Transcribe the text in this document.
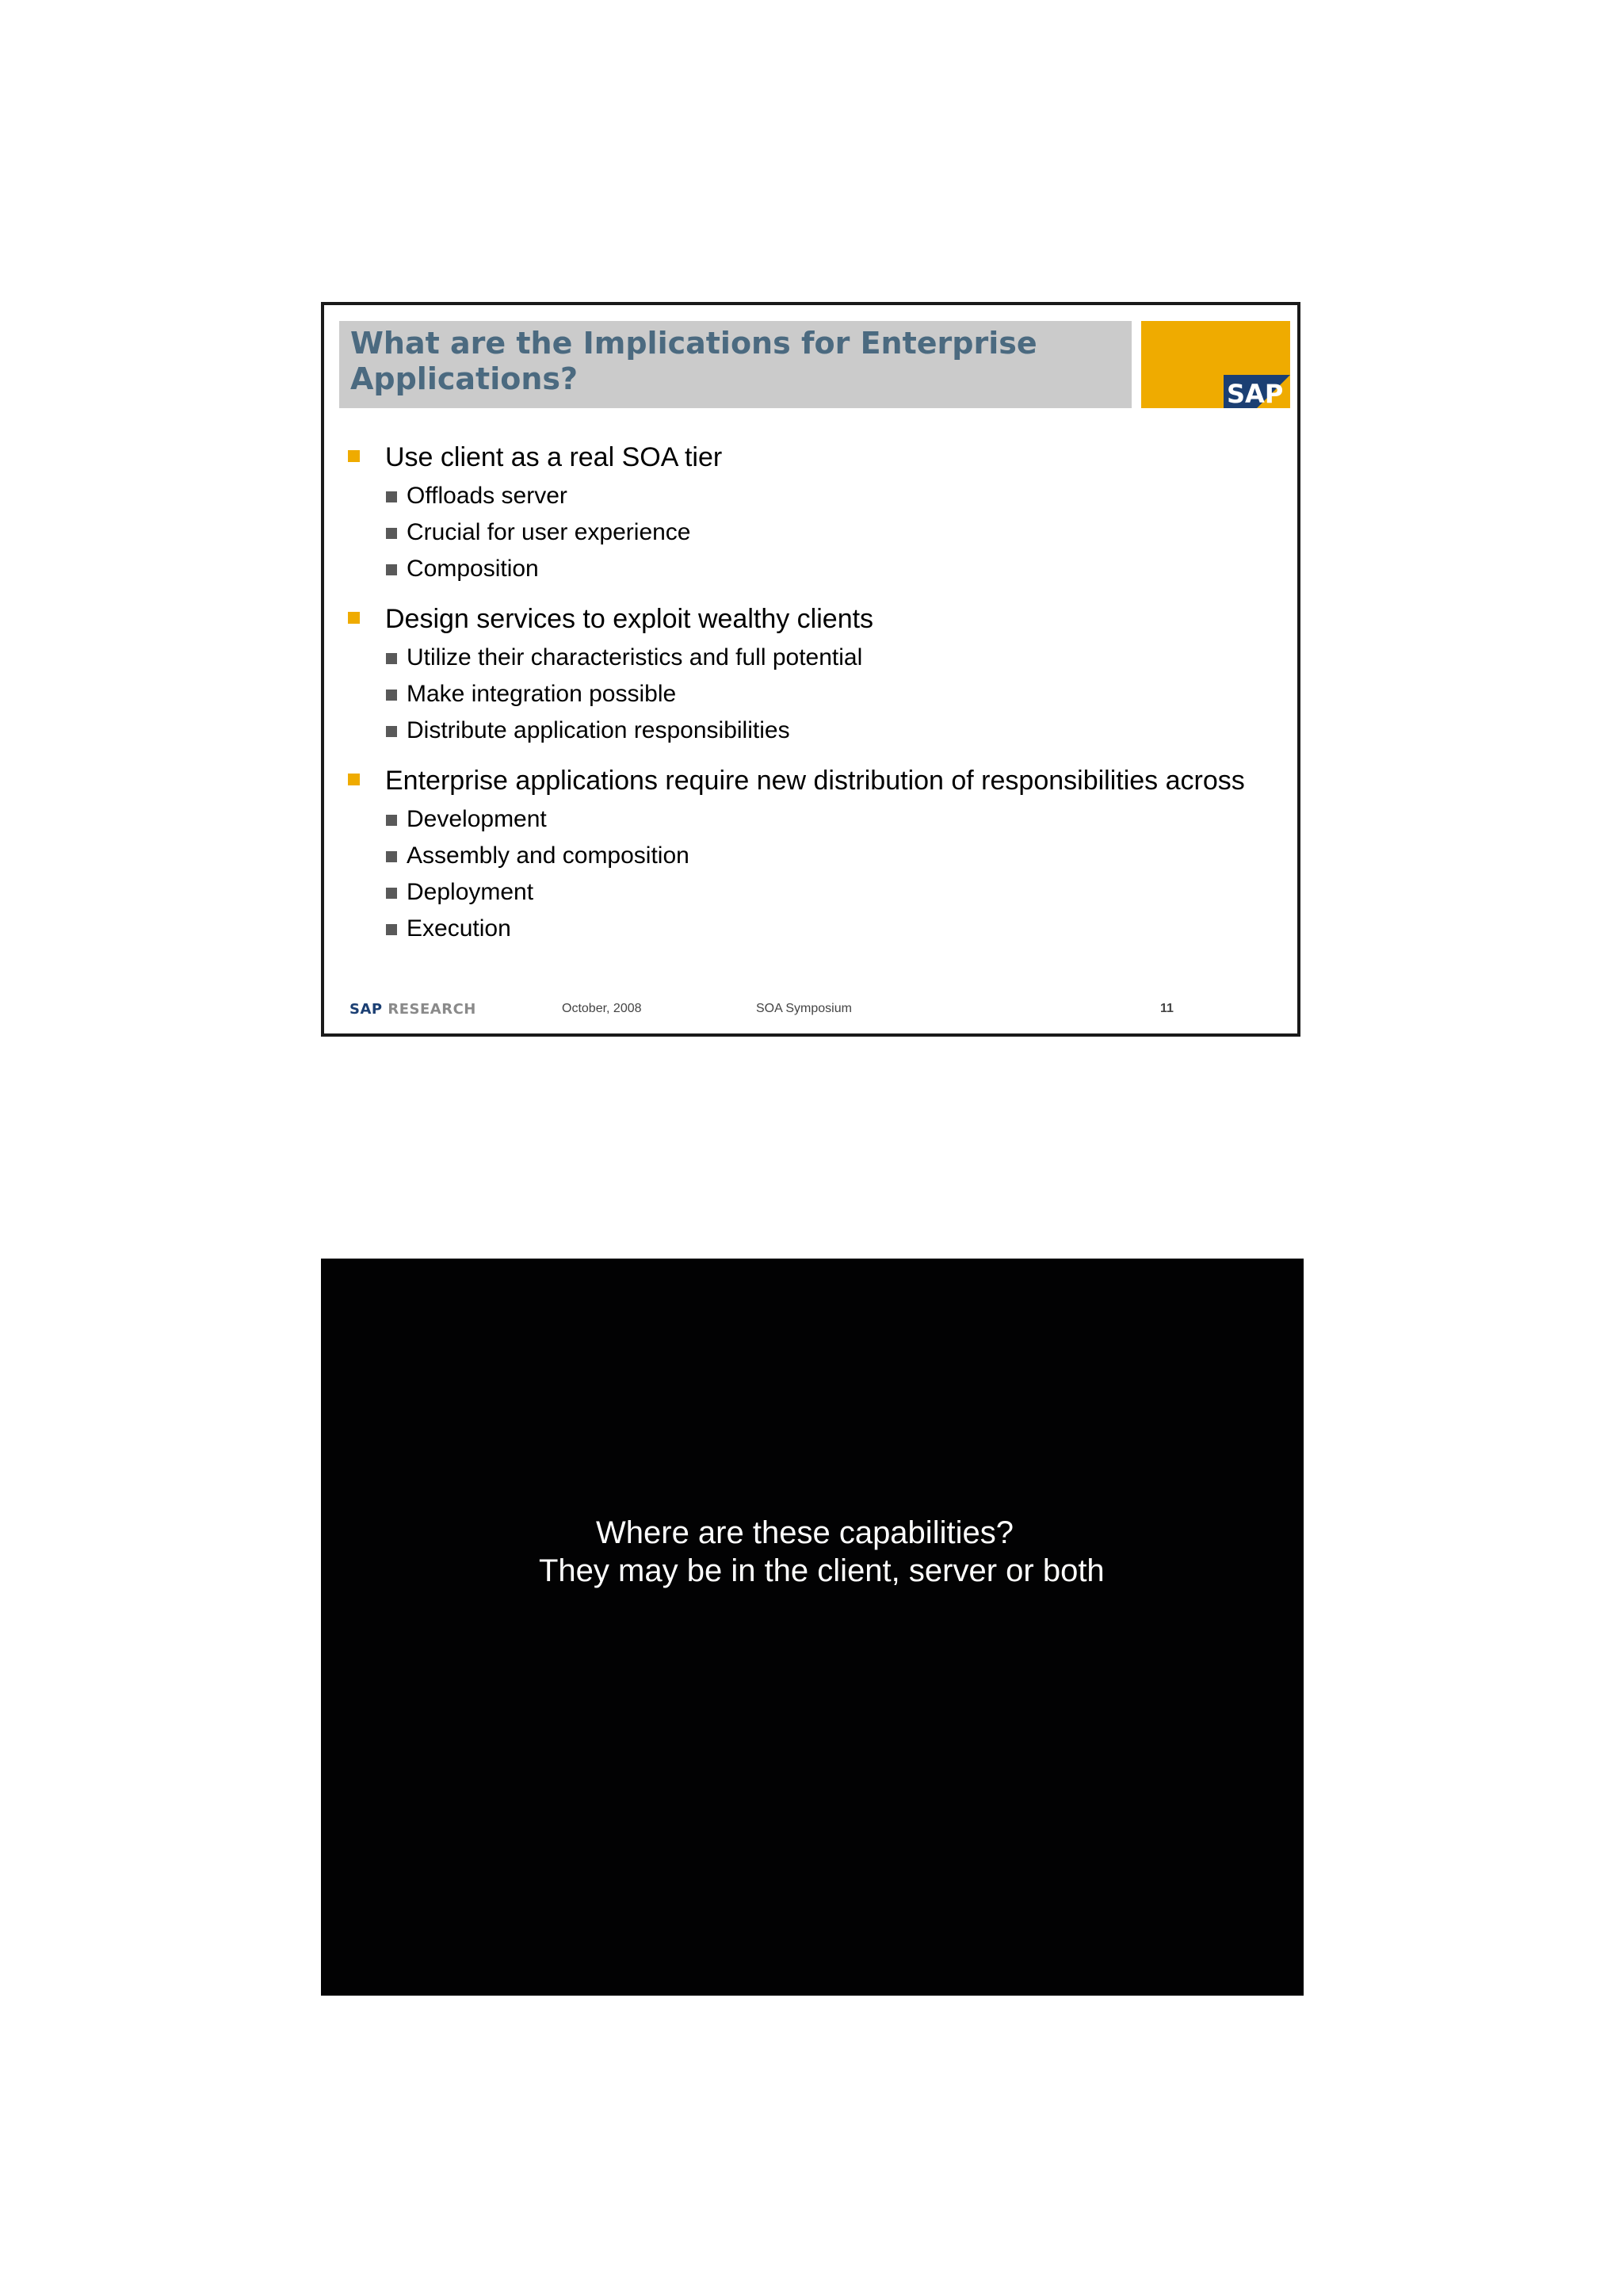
What are the Implications for Enterprise Applications?	SAP
Use client as a real SOA tier
Offloads server
Crucial for user experience
Composition
Design services to exploit wealthy clients
Utilize their characteristics and full potential
Make integration possible
Distribute application responsibilities
Enterprise applications require new distribution of responsibilities across
Development
Assembly and composition
Deployment
Execution
SAP RESEARCH	October, 2008	SOA Symposium	11
Where are these capabilities?
They may be in the client, server or both
